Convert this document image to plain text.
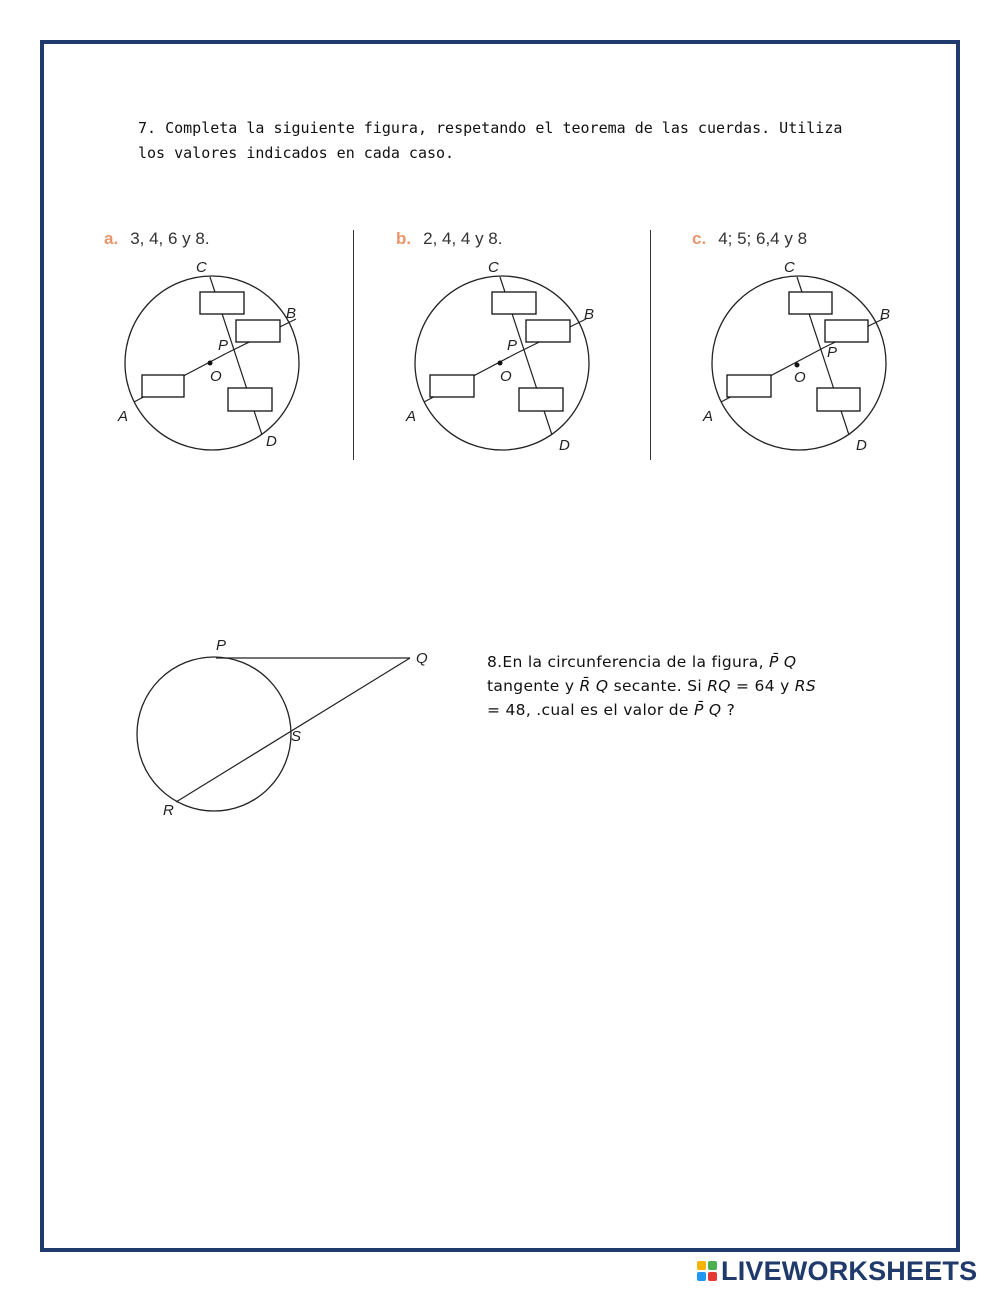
7. Completa la siguiente figura, respetando el teorema de las cuerdas. Utiliza los valores indicados en cada caso.
a. 3, 4, 6 y 8.	b. 2, 4, 4 y 8.	c. 4; 5; 6,4 y 8
C
B
P
O
A
D
C
B
P
O
A
D
C
B
P
O
A
D
P
Q
S
R
8.En la circunferencia de la figura, P̄ Q
tangente y R̄ Q secante. Si RQ = 64 y RS
= 48, .cual es el valor de P̄ Q ?
LIVEWORKSHEETS
